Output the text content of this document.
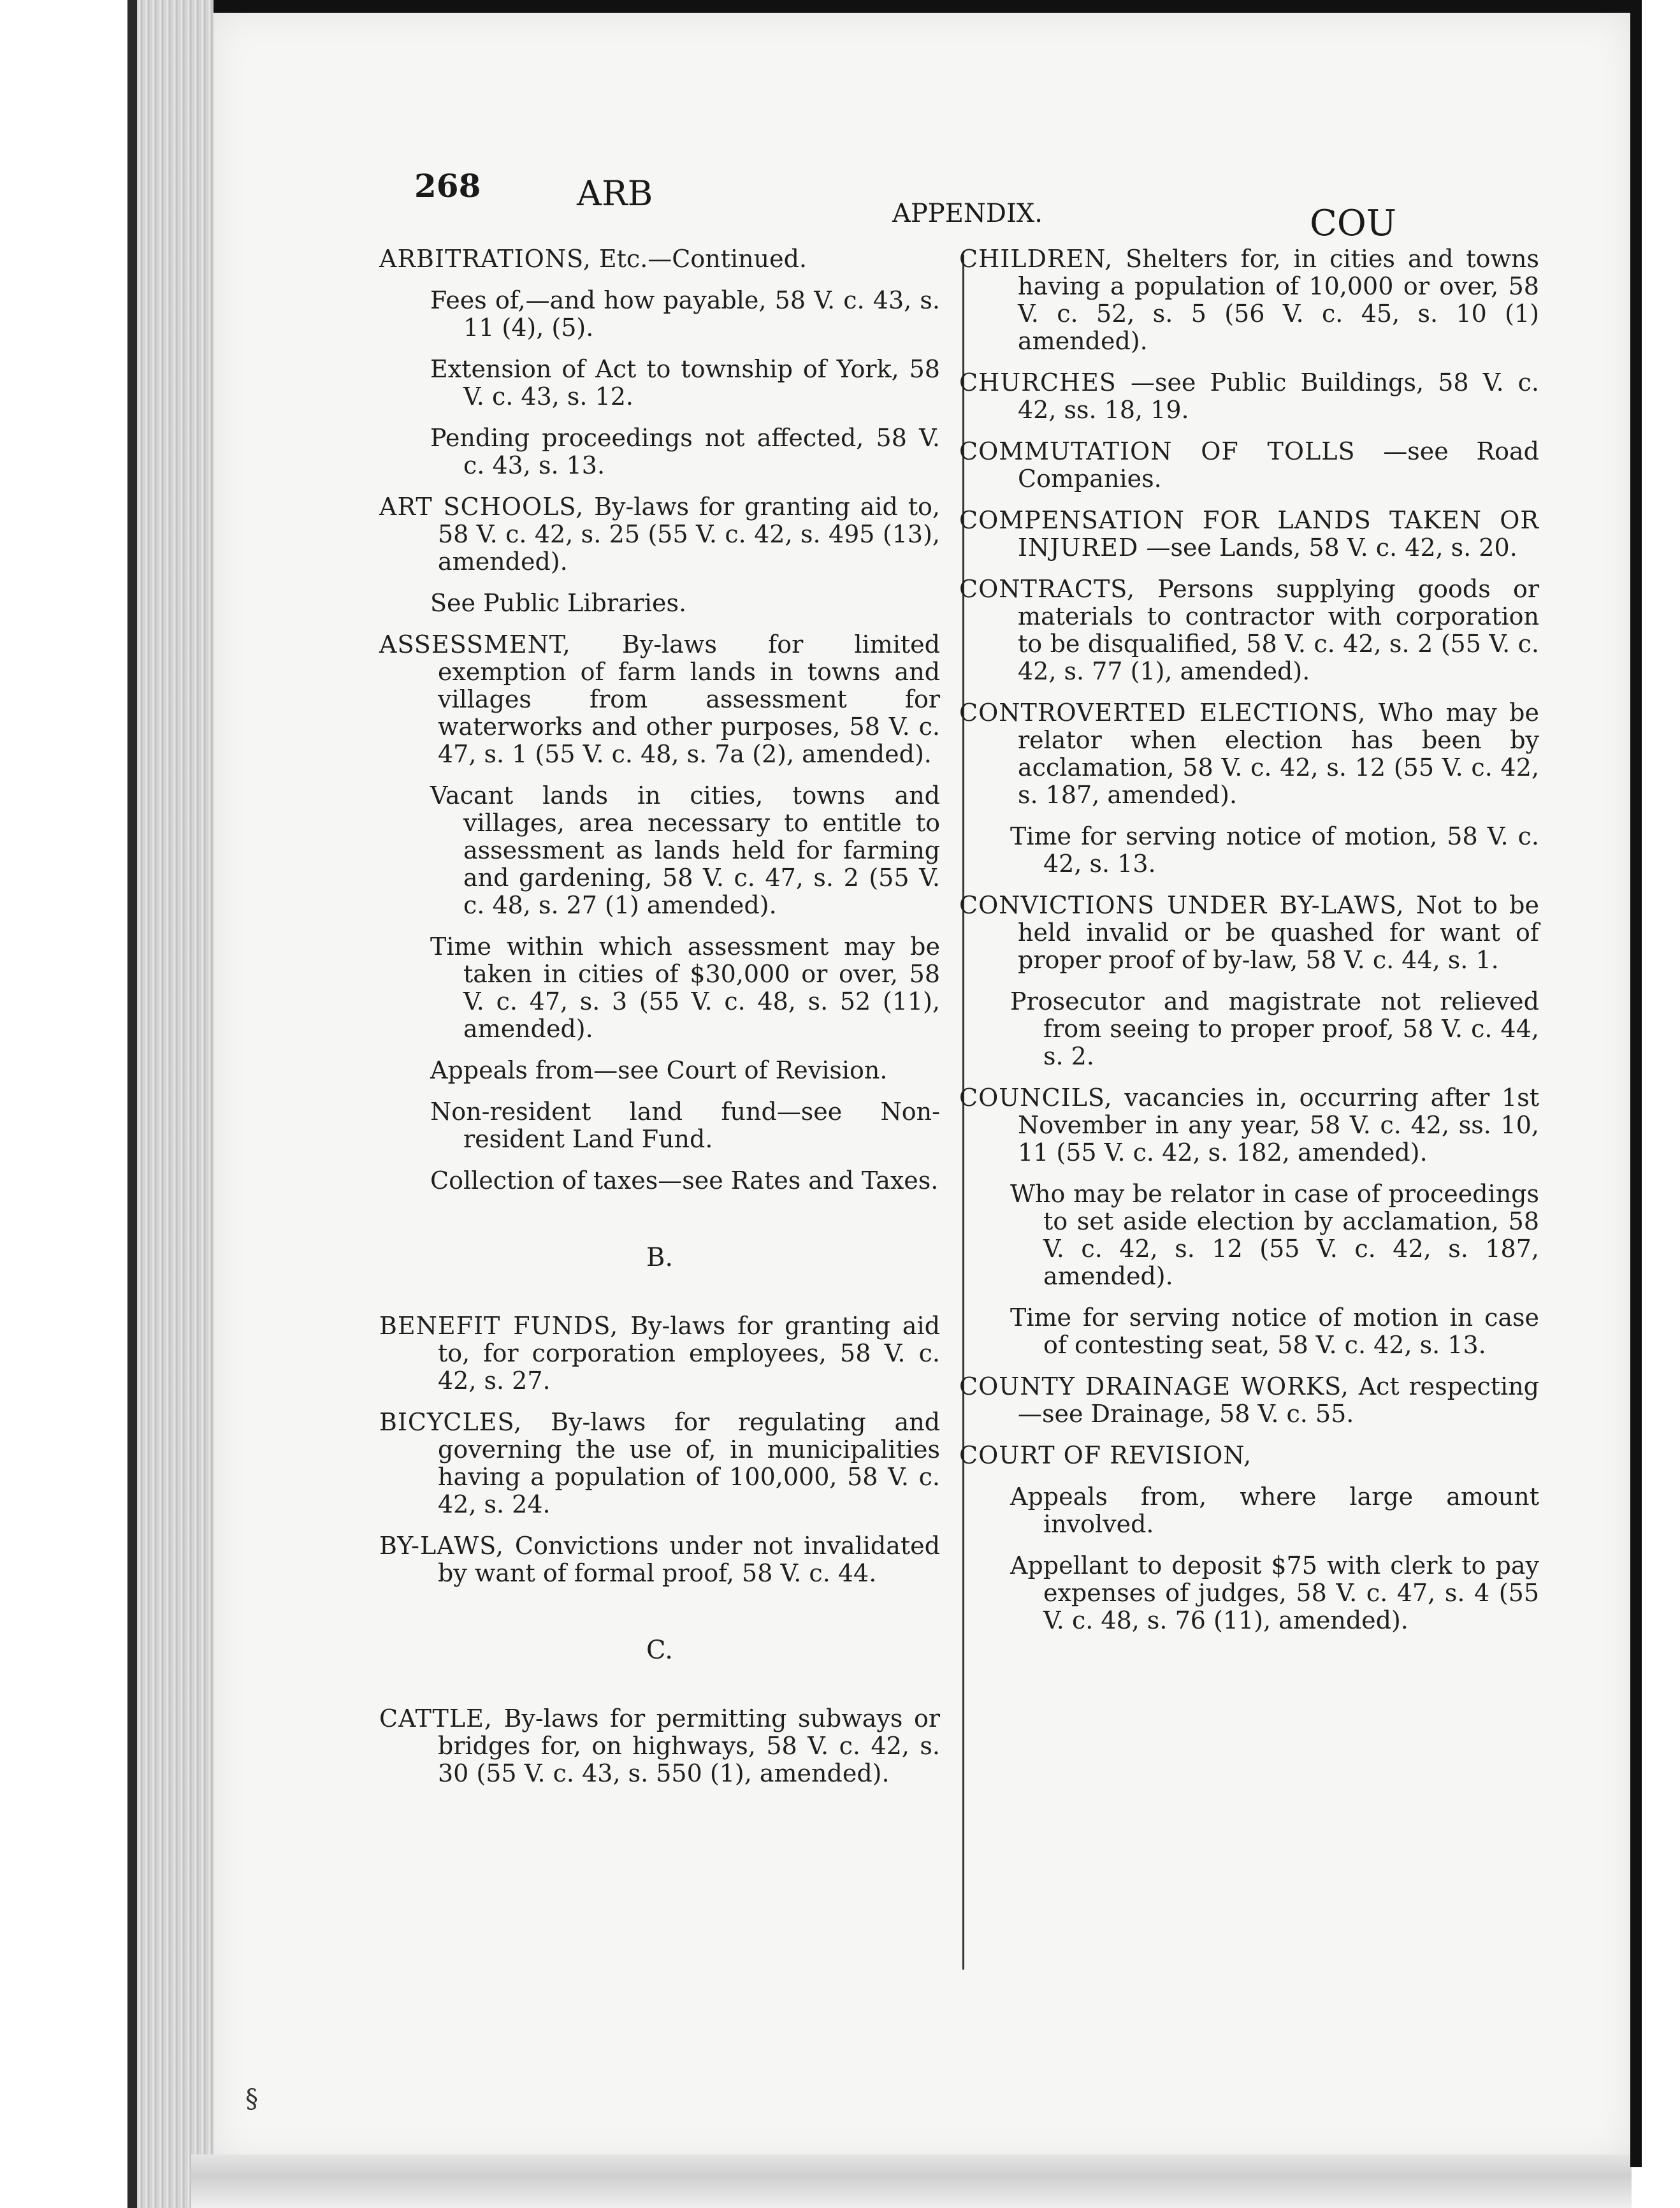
268	ARB	APPENDIX.	COU
ARBITRATIONS, Etc.—Continued.
Fees of,—and how payable, 58 V. c. 43, s. 11 (4), (5).
Extension of Act to township of York, 58 V. c. 43, s. 12.
Pending proceedings not affected, 58 V. c. 43, s. 13.
ART SCHOOLS, By-laws for granting aid to, 58 V. c. 42, s. 25 (55 V. c. 42, s. 495 (13), amended).
See Public Libraries.
ASSESSMENT, By-laws for limited exemption of farm lands in towns and villages from assessment for waterworks and other purposes, 58 V. c. 47, s. 1 (55 V. c. 48, s. 7a (2), amended).
Vacant lands in cities, towns and villages, area necessary to entitle to assessment as lands held for farming and gardening, 58 V. c. 47, s. 2 (55 V. c. 48, s. 27 (1) amended).
Time within which assessment may be taken in cities of $30,000 or over, 58 V. c. 47, s. 3 (55 V. c. 48, s. 52 (11), amended).
Appeals from—see Court of Revision.
Non-resident land fund—see Non-resident Land Fund.
Collection of taxes—see Rates and Taxes.
B.
BENEFIT FUNDS, By-laws for granting aid to, for corporation employees, 58 V. c. 42, s. 27.
BICYCLES, By-laws for regulating and governing the use of, in municipalities having a population of 100,000, 58 V. c. 42, s. 24.
BY-LAWS, Convictions under not invalidated by want of formal proof, 58 V. c. 44.
C.
CATTLE, By-laws for permitting subways or bridges for, on highways, 58 V. c. 42, s. 30 (55 V. c. 43, s. 550 (1), amended).
CHILDREN, Shelters for, in cities and towns having a population of 10,000 or over, 58 V. c. 52, s. 5 (56 V. c. 45, s. 10 (1) amended).
CHURCHES —see Public Buildings, 58 V. c. 42, ss. 18, 19.
COMMUTATION OF TOLLS —see Road Companies.
COMPENSATION FOR LANDS TAKEN OR INJURED —see Lands, 58 V. c. 42, s. 20.
CONTRACTS, Persons supplying goods or materials to contractor with corporation to be disqualified, 58 V. c. 42, s. 2 (55 V. c. 42, s. 77 (1), amended).
CONTROVERTED ELECTIONS, Who may be relator when election has been by acclamation, 58 V. c. 42, s. 12 (55 V. c. 42, s. 187, amended).
Time for serving notice of motion, 58 V. c. 42, s. 13.
CONVICTIONS UNDER BY-LAWS, Not to be held invalid or be quashed for want of proper proof of by-law, 58 V. c. 44, s. 1.
Prosecutor and magistrate not relieved from seeing to proper proof, 58 V. c. 44, s. 2.
COUNCILS, vacancies in, occurring after 1st November in any year, 58 V. c. 42, ss. 10, 11 (55 V. c. 42, s. 182, amended).
Who may be relator in case of proceedings to set aside election by acclamation, 58 V. c. 42, s. 12 (55 V. c. 42, s. 187, amended).
Time for serving notice of motion in case of contesting seat, 58 V. c. 42, s. 13.
COUNTY DRAINAGE WORKS, Act respecting—see Drainage, 58 V. c. 55.
COURT OF REVISION,
Appeals from, where large amount involved.
Appellant to deposit $75 with clerk to pay expenses of judges, 58 V. c. 47, s. 4 (55 V. c. 48, s. 76 (11), amended).
§
